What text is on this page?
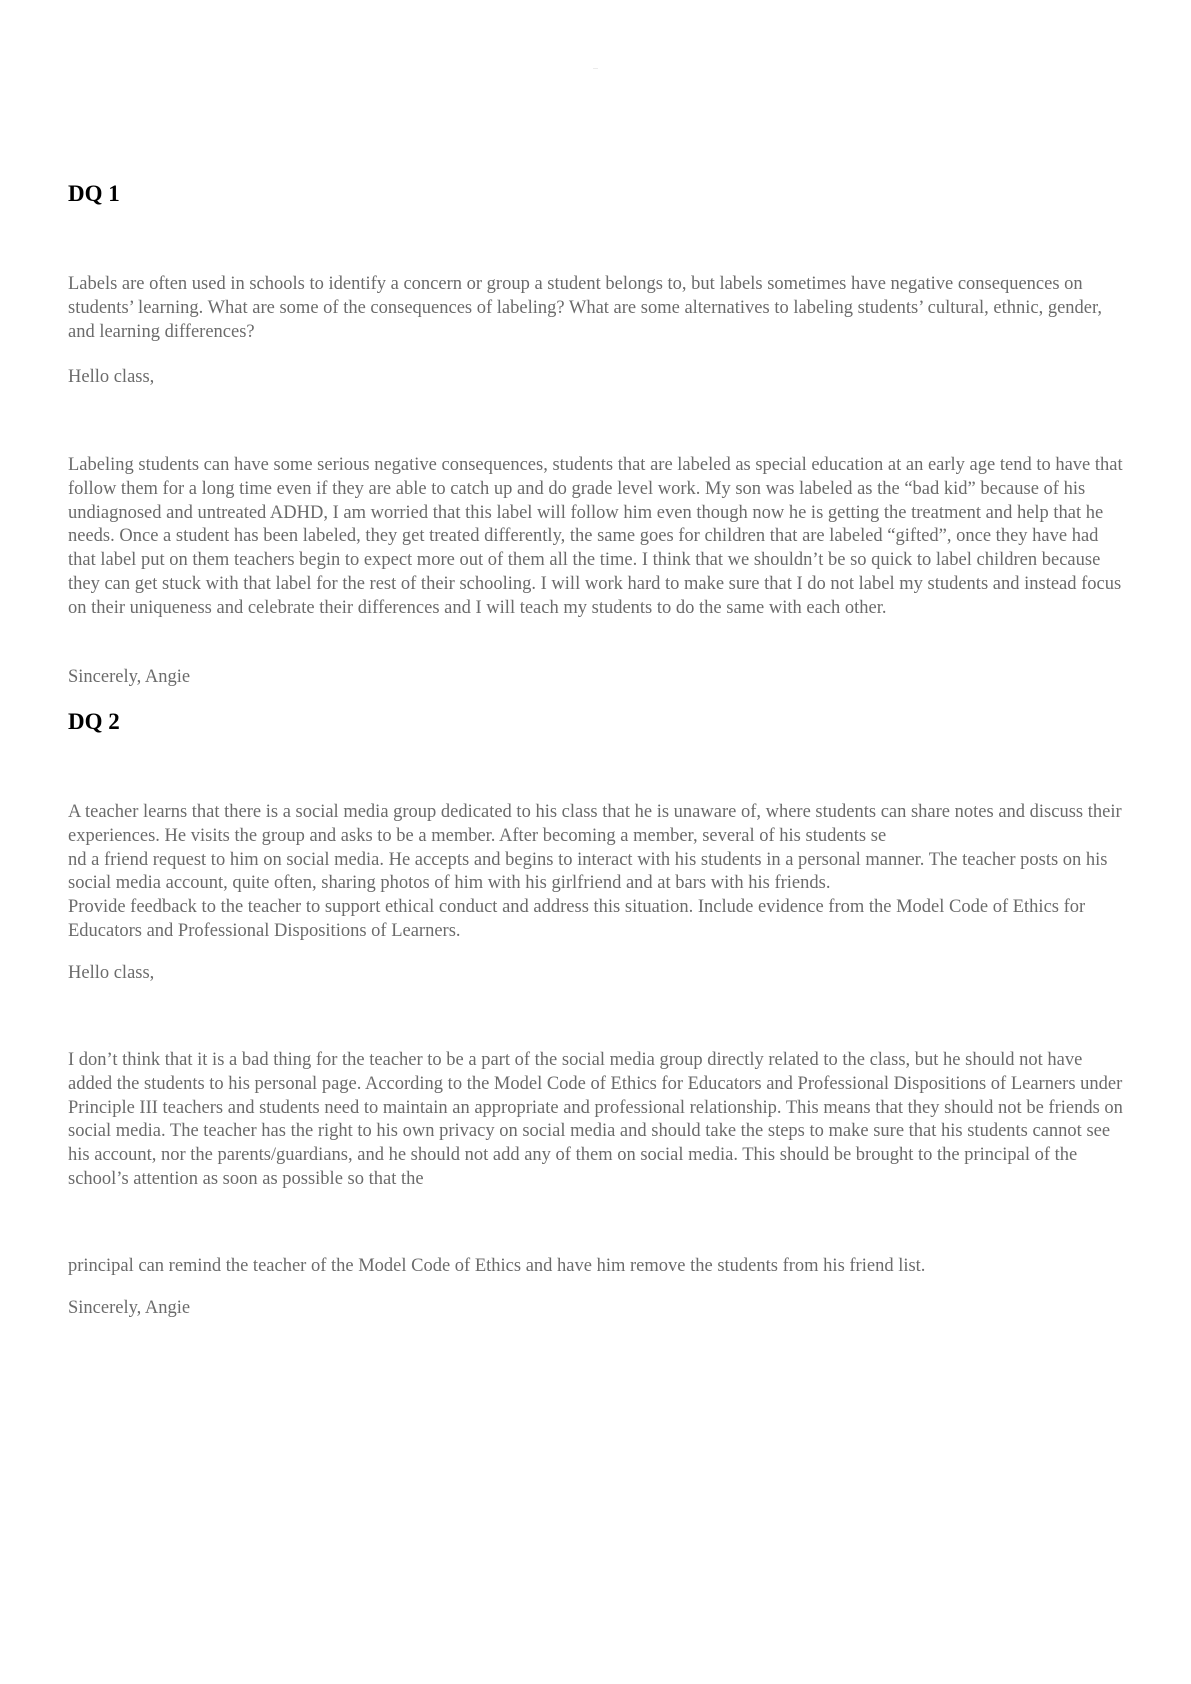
-----
DQ 1

Labels are often used in schools to identify a concern or group a student belongs to, but labels sometimes have negative consequences on students’ learning. What are some of the consequences of labeling? What are some alternatives to labeling students’ cultural, ethnic, gender, and learning differences?

Hello class,

Labeling students can have some serious negative consequences, students that are labeled as special education at an early age tend to have that follow them for a long time even if they are able to catch up and do grade level work. My son was labeled as the “bad kid” because of his undiagnosed and untreated ADHD, I am worried that this label will follow him even though now he is getting the treatment and help that he needs. Once a student has been labeled, they get treated differently, the same goes for children that are labeled “gifted”, once they have had that label put on them teachers begin to expect more out of them all the time. I think that we shouldn’t be so quick to label children because they can get stuck with that label for the rest of their schooling. I will work hard to make sure that I do not label my students and instead focus on their uniqueness and celebrate their differences and I will teach my students to do the same with each other.

Sincerely, Angie

DQ 2

A teacher learns that there is a social media group dedicated to his class that he is unaware of, where students can share notes and discuss their experiences. He visits the group and asks to be a member. After becoming a member, several of his students se

nd a friend request to him on social media. He accepts and begins to interact with his students in a personal manner. The teacher posts on his social media account, quite often, sharing photos of him with his girlfriend and at bars with his friends.

Provide feedback to the teacher to support ethical conduct and address this situation. Include evidence from the Model Code of Ethics for Educators and Professional Dispositions of Learners.

Hello class,

I don’t think that it is a bad thing for the teacher to be a part of the social media group directly related to the class, but he should not have added the students to his personal page. According to the Model Code of Ethics for Educators and Professional Dispositions of Learners under Principle III teachers and students need to maintain an appropriate and professional relationship. This means that they should not be friends on social media. The teacher has the right to his own privacy on social media and should take the steps to make sure that his students cannot see his account, nor the parents/guardians, and he should not add any of them on social media. This should be brought to the principal of the school’s attention as soon as possible so that the

principal can remind the teacher of the Model Code of Ethics and have him remove the students from his friend list.

Sincerely, Angie
